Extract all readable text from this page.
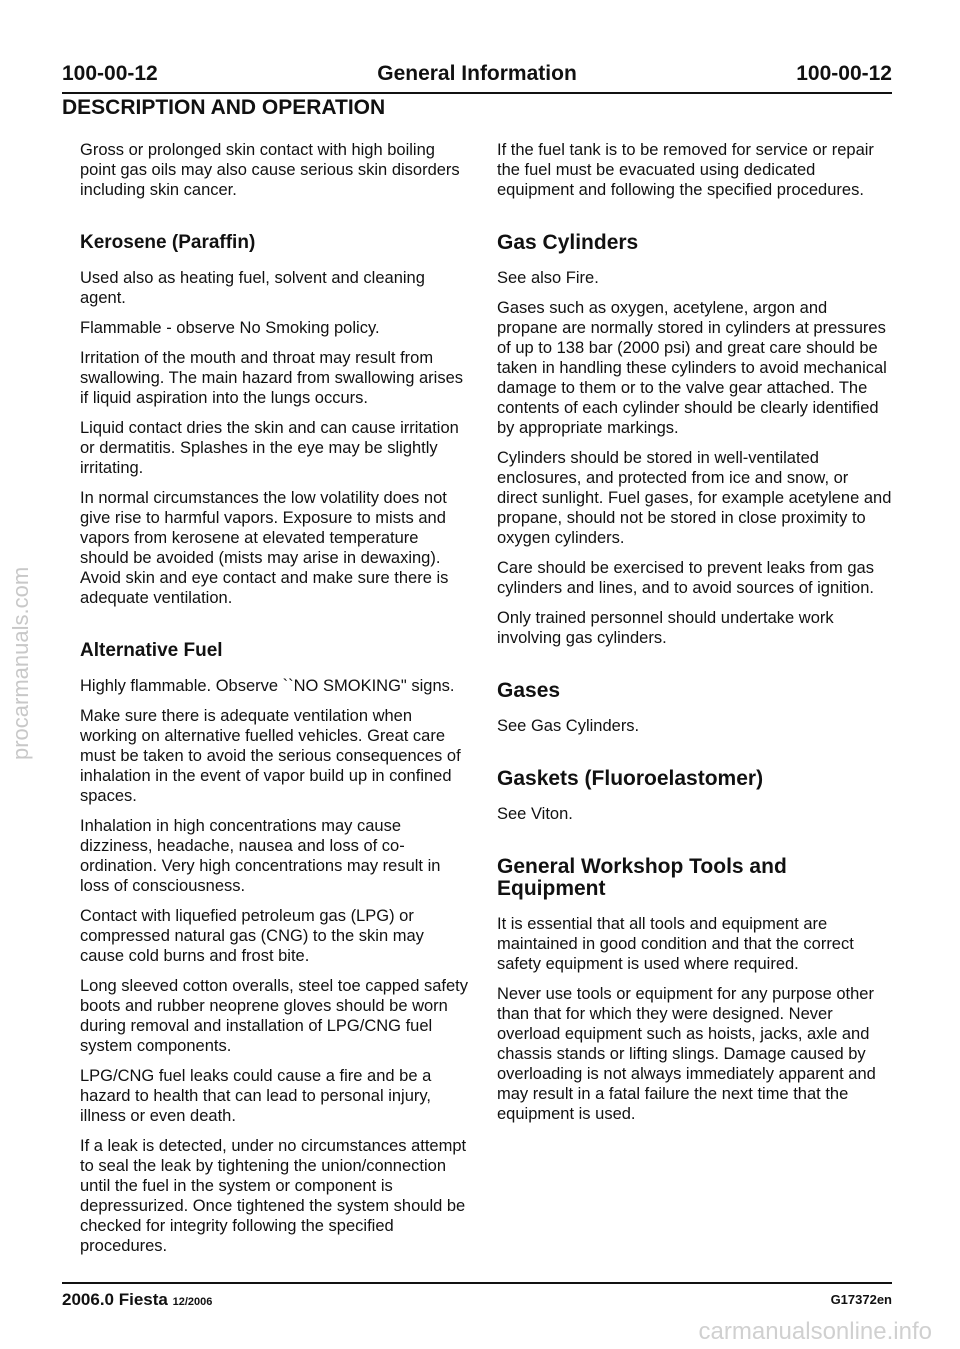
100-00-12	General Information	100-00-12
DESCRIPTION AND OPERATION

Gross or prolonged skin contact with high boiling point gas oils may also cause serious skin disorders including skin cancer.

Kerosene (Paraffin)

Used also as heating fuel, solvent and cleaning agent.

Flammable - observe No Smoking policy.

Irritation of the mouth and throat may result from swallowing. The main hazard from swallowing arises if liquid aspiration into the lungs occurs.

Liquid contact dries the skin and can cause irritation or dermatitis. Splashes in the eye may be slightly irritating.

In normal circumstances the low volatility does not give rise to harmful vapors. Exposure to mists and vapors from kerosene at elevated temperature should be avoided (mists may arise in dewaxing). Avoid skin and eye contact and make sure there is adequate ventilation.

Alternative Fuel

Highly flammable. Observe ``NO SMOKING" signs.

Make sure there is adequate ventilation when working on alternative fuelled vehicles. Great care must be taken to avoid the serious consequences of inhalation in the event of vapor build up in confined spaces.

Inhalation in high concentrations may cause dizziness, headache, nausea and loss of co-ordination. Very high concentrations may result in loss of consciousness.

Contact with liquefied petroleum gas (LPG) or compressed natural gas (CNG) to the skin may cause cold burns and frost bite.

Long sleeved cotton overalls, steel toe capped safety boots and rubber neoprene gloves should be worn during removal and installation of LPG/CNG fuel system components.

LPG/CNG fuel leaks could cause a fire and be a hazard to health that can lead to personal injury, illness or even death.

If a leak is detected, under no circumstances attempt to seal the leak by tightening the union/connection until the fuel in the system or component is depressurized. Once tightened the system should be checked for integrity following the specified procedures.

If the fuel tank is to be removed for service or repair the fuel must be evacuated using dedicated equipment and following the specified procedures.

Gas Cylinders

See also Fire.

Gases such as oxygen, acetylene, argon and propane are normally stored in cylinders at pressures of up to 138 bar (2000 psi) and great care should be taken in handling these cylinders to avoid mechanical damage to them or to the valve gear attached. The contents of each cylinder should be clearly identified by appropriate markings.

Cylinders should be stored in well-ventilated enclosures, and protected from ice and snow, or direct sunlight. Fuel gases, for example acetylene and propane, should not be stored in close proximity to oxygen cylinders.

Care should be exercised to prevent leaks from gas cylinders and lines, and to avoid sources of ignition.

Only trained personnel should undertake work involving gas cylinders.

Gases

See Gas Cylinders.

Gaskets (Fluoroelastomer)

See Viton.

General Workshop Tools and Equipment

It is essential that all tools and equipment are maintained in good condition and that the correct safety equipment is used where required.

Never use tools or equipment for any purpose other than that for which they were designed. Never overload equipment such as hoists, jacks, axle and chassis stands or lifting slings. Damage caused by overloading is not always immediately apparent and may result in a fatal failure the next time that the equipment is used.

2006.0 Fiesta 12/2006	G17372en
procarmanuals.com
carmanualsonline.info
